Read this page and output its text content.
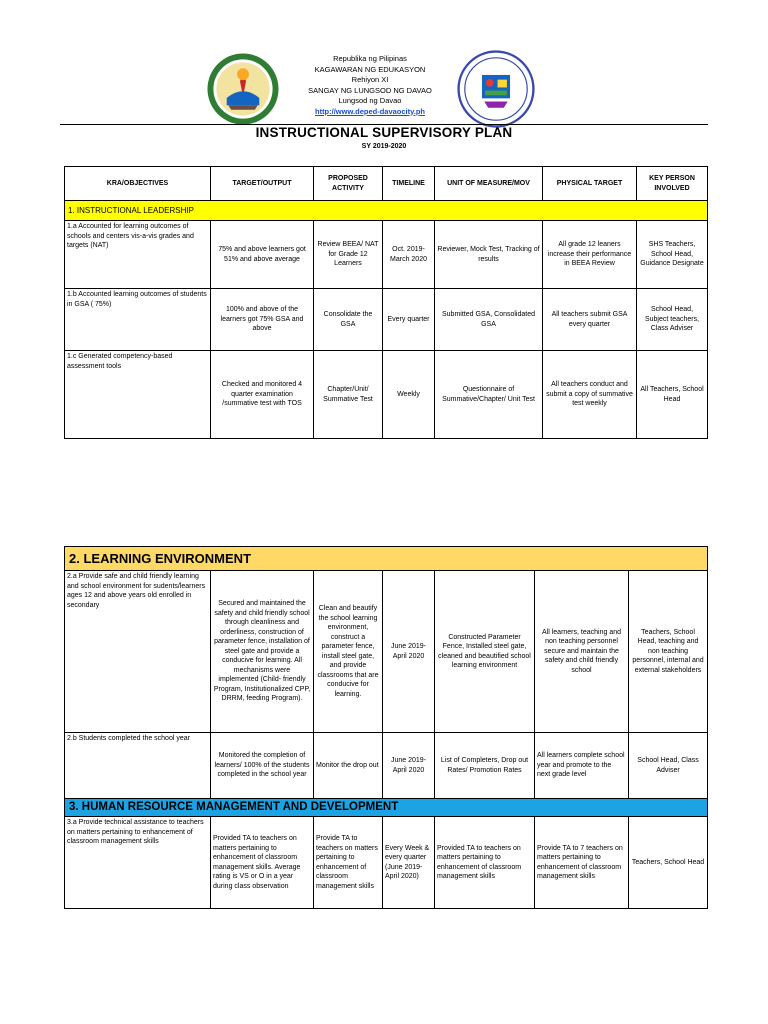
Republika ng Pilipinas
KAGAWARAN NG EDUKASYON
Rehiyon XI
SANGAY NG LUNGSOD NG DAVAO
Lungsod ng Davao
http://www.deped-davaocity.ph
INSTRUCTIONAL SUPERVISORY PLAN
SY 2019-2020
KRA/OBJECTIVES	TARGET/OUTPUT	PROPOSED ACTIVITY	TIMELINE	UNIT OF MEASURE/MOV	PHYSICAL TARGET	KEY PERSON INVOLVED
1. INSTRUCTIONAL LEADERSHIP						
1.a Accounted for learning outcomes of schools and centers vis-a-vis grades and targets (NAT)	75% and above learners got 51% and above average	Review BEEA/ NAT for Grade 12 Learners	Oct. 2019-March 2020	Reviewer, Mock Test, Tracking of results	All grade 12 leaners increase their performance in BEEA Review	SHS Teachers, School Head, Guidance Designate
1.b Accounted learning outcomes of students in GSA ( 75%)	100% and above of the learners got 75% GSA and above	Consolidate the GSA	Every quarter	Submitted GSA, Consolidated GSA	All teachers submit GSA every quarter	School Head, Subject teachers, Class Adviser
1.c Generated competency-based assessment tools	Checked and monitored 4 quarter examination /summative test with TOS	Chapter/Unit/ Summative Test	Weekly	Questionnaire of Summative/Chapter/ Unit Test	All teachers conduct and submit a copy of summative test weekly	All Teachers, School Head
2. LEARNING ENVIRONMENT						
2.a Provide safe and child friendly learning and school environment for sudents/learners ages 12 and above years old enrolled in secondary	Secured and maintained the safety and child friendly school through cleanliness and orderliness, construction of parameter fence, installation of steel gate and provide a conducive for learning. All mechanisms were implemented (Child- friendly Program, Institutionalized CPP, DRRM, feeding Program).	Clean and beautify the school learning environment, construct a parameter fence, install steel gate, and provide classrooms that are conducive for learning.	June 2019-April 2020	Constructed Parameter Fence, Installed steel gate, cleaned and beautified school learning environment	All learners, teaching and non teaching personnel secure and maintain the safety and child friendly school	Teachers, School Head, teaching and non teaching personnel, internal and external stakeholders
2.b Students completed the school year	Monitored the completion of learners/ 100% of the students completed in the school year	Monitor the drop out	June 2019-April 2020	List of Completers, Drop out Rates/ Promotion Rates	All learners complete school year and promote to the next grade level	School Head, Class Adviser
3. HUMAN RESOURCE MANAGEMENT AND DEVELOPMENT						
3.a Provide technical assistance to teachers on matters pertaining to enhancement of classroom management skills	Provided TA to teachers on matters pertaining to enhancement of classroom management skills. Average rating is VS or O in a year during class observation	Provide TA to teachers on matters pertaining to enhancement of classroom management skills	Every Week & every quarter (June 2019-April 2020)	Provided TA to teachers on matters pertaining to enhancement of classroom management skills	Provide TA to 7 teachers on matters pertaining to enhancement of classroom management skills	Teachers, School Head
